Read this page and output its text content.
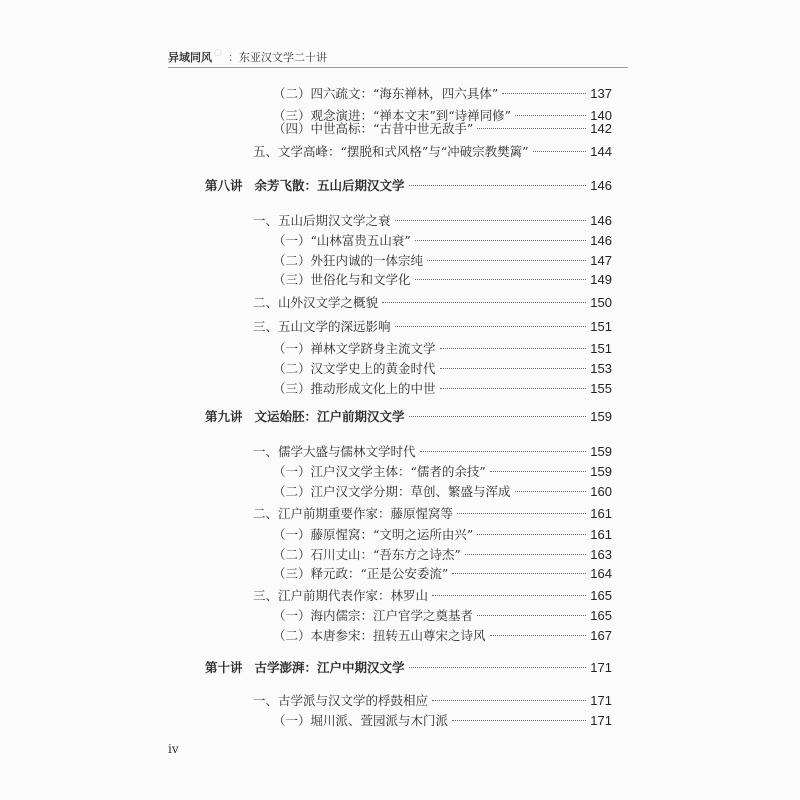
异域同风 ◌ ：东亚汉文学二十讲
（二）四六疏文：“海东禅林，四六具体”	137
（三）观念演进：“禅本文末”到“诗禅同修”	140
（四）中世高标：“古昔中世无敌手”	142
五、文学高峰：“摆脱和式风格”与“冲破宗教樊篱”	144
第八讲 余芳飞散：五山后期汉文学	146
一、五山后期汉文学之衰	146
（一）“山林富贵五山衰”	146
（二）外狂内诚的一体宗纯	147
（三）世俗化与和文学化	149
二、山外汉文学之概貌	150
三、五山文学的深远影响	151
（一）禅林文学跻身主流文学	151
（二）汉文学史上的黄金时代	153
（三）推动形成文化上的中世	155
第九讲 文运始胚：江户前期汉文学	159
一、儒学大盛与儒林文学时代	159
（一）江户汉文学主体：“儒者的余技”	159
（二）江户汉文学分期：草创、繁盛与浑成	160
二、江户前期重要作家：藤原惺窝等	161
（一）藤原惺窝：“文明之运所由兴”	161
（二）石川丈山：“吾东方之诗杰”	163
（三）释元政：“正是公安委流”	164
三、江户前期代表作家：林罗山	165
（一）海内儒宗：江户官学之奠基者	165
（二）本唐参宋：扭转五山尊宋之诗风	167
第十讲 古学澎湃：江户中期汉文学	171
一、古学派与汉文学的桴鼓相应	171
（一）堀川派、萱园派与木门派	171
iv
